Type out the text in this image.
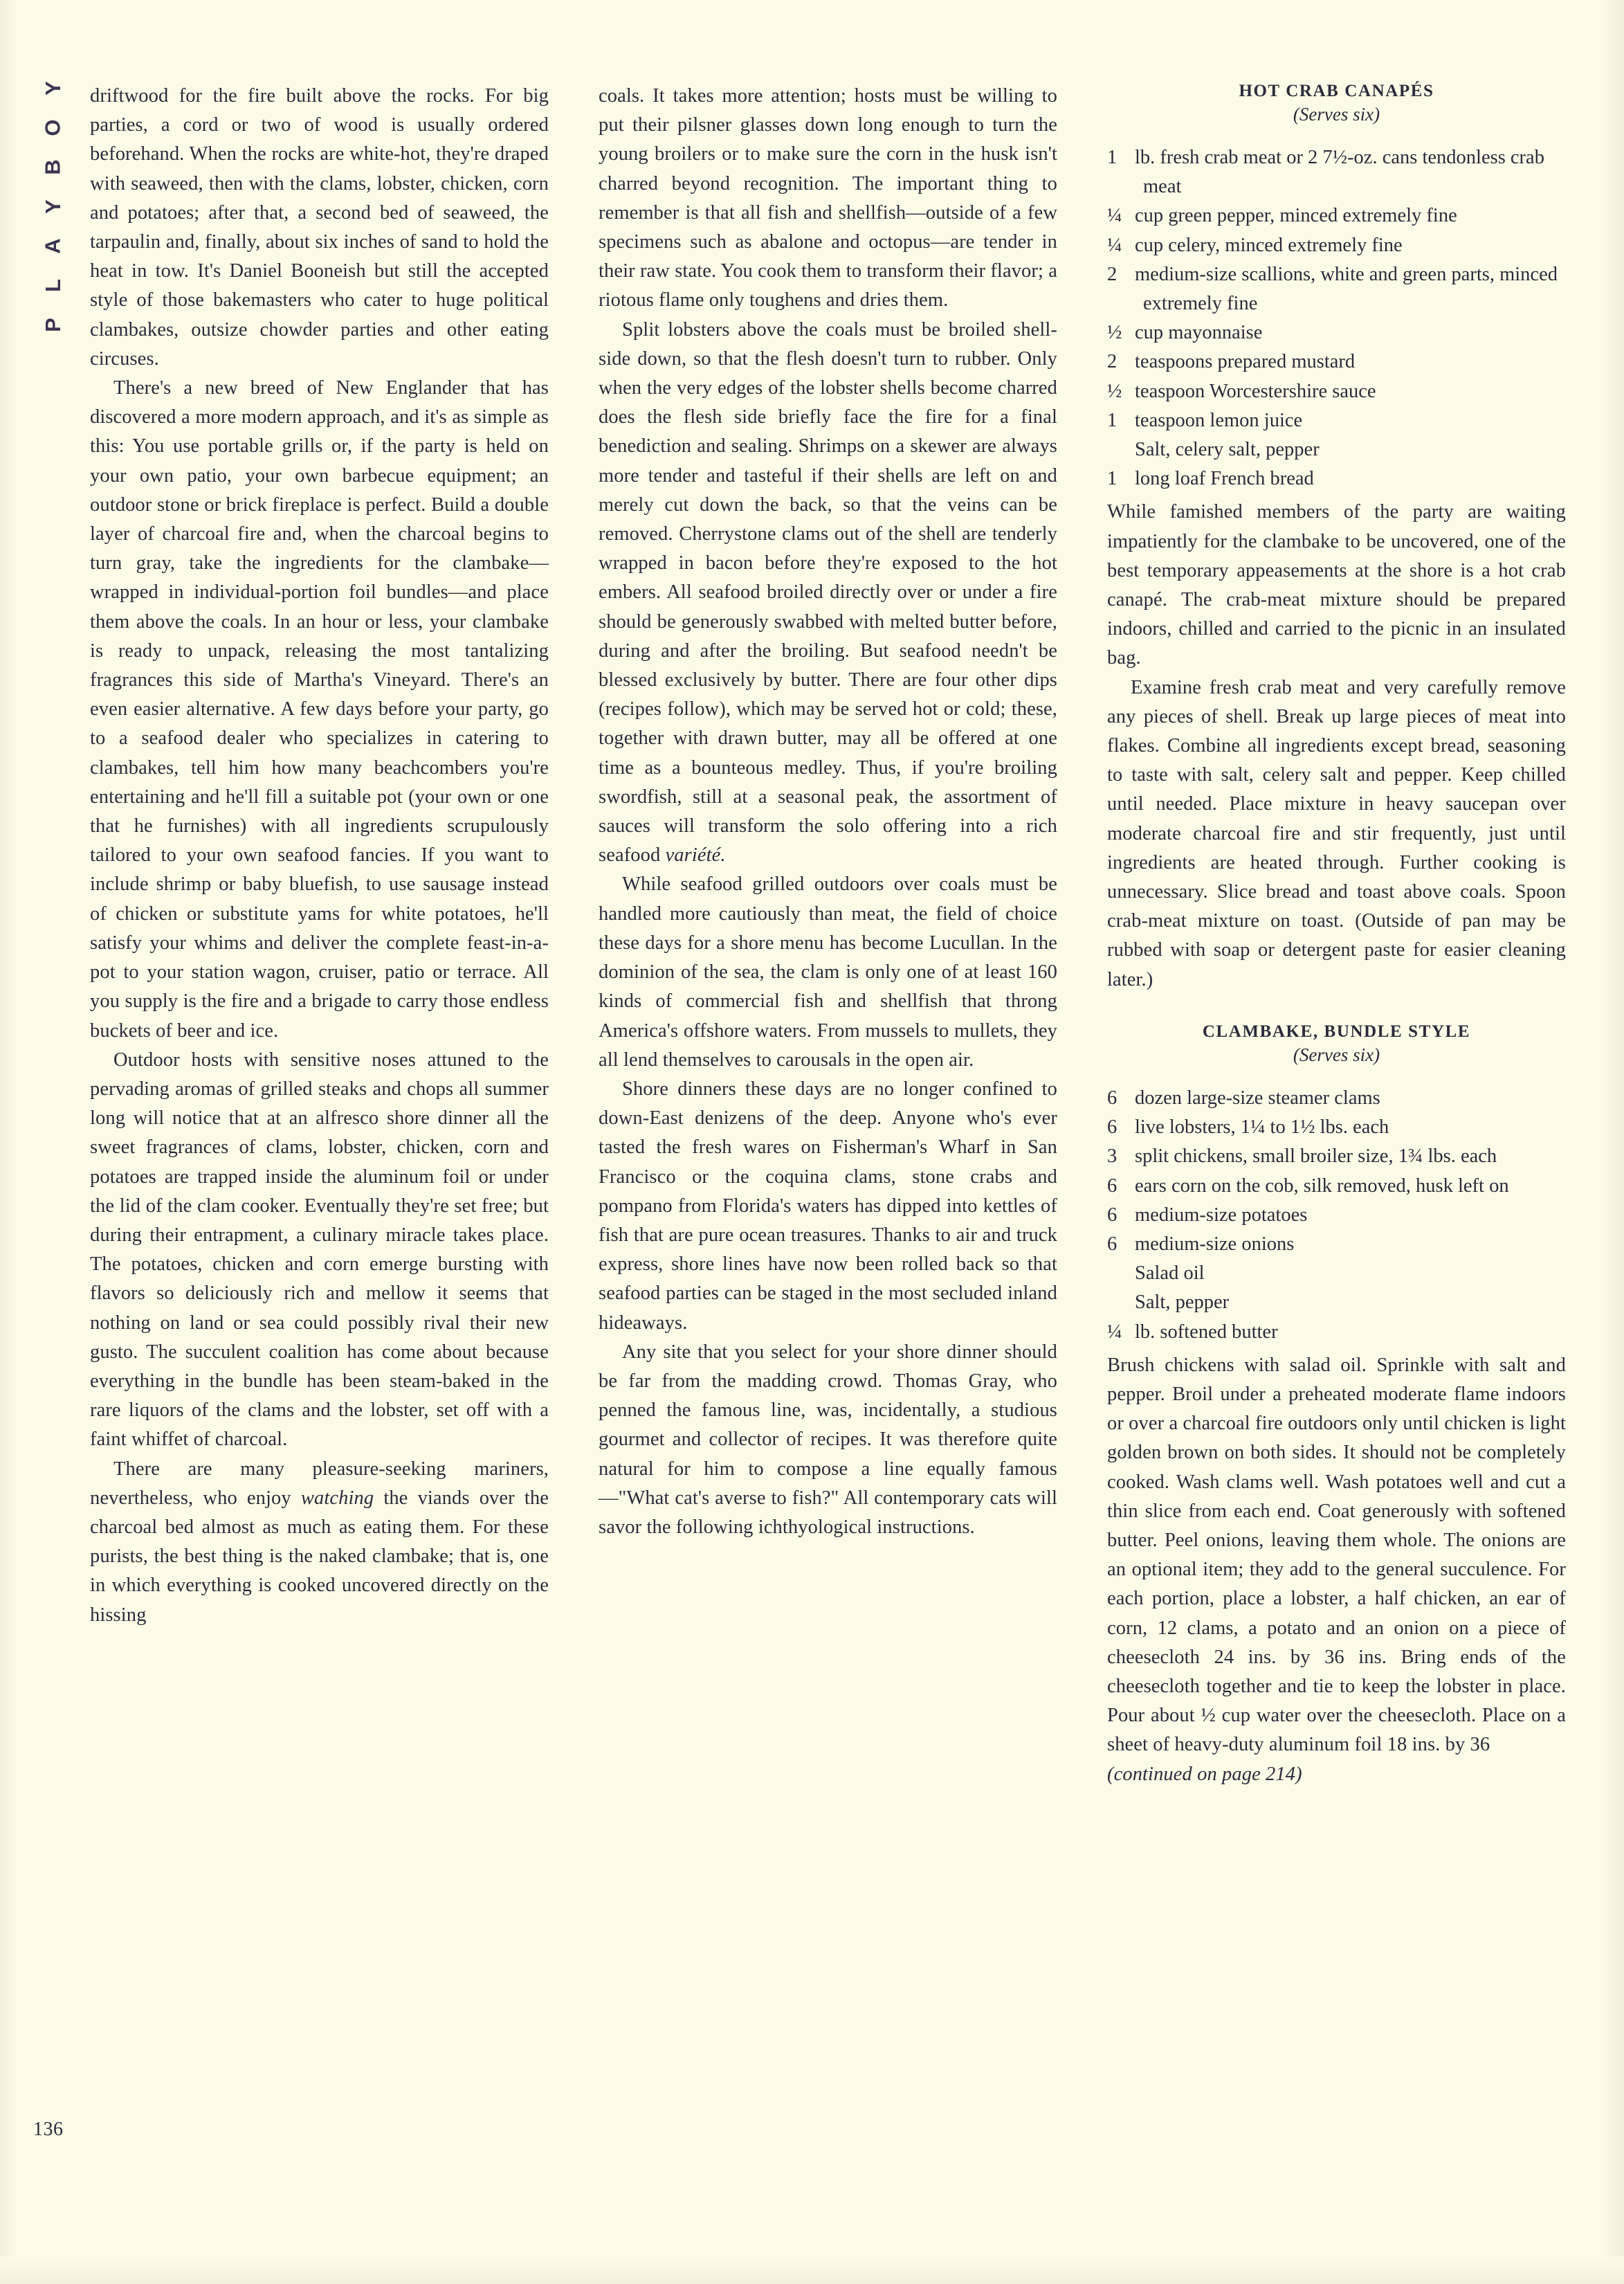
Y
O
B
Y
A
L
P

driftwood for the fire built above the rocks. For big parties, a cord or two of wood is usually ordered beforehand. When the rocks are white-hot, they're draped with seaweed, then with the clams, lobster, chicken, corn and potatoes; after that, a second bed of seaweed, the tarpaulin and, finally, about six inches of sand to hold the heat in tow. It's Daniel Booneish but still the accepted style of those bakemasters who cater to huge political clambakes, outsize chowder parties and other eating circuses.

There's a new breed of New Englander that has discovered a more modern approach, and it's as simple as this: You use portable grills or, if the party is held on your own patio, your own barbecue equipment; an outdoor stone or brick fireplace is perfect. Build a double layer of charcoal fire and, when the charcoal begins to turn gray, take the ingredients for the clambake—wrapped in individual-portion foil bundles—and place them above the coals. In an hour or less, your clambake is ready to unpack, releasing the most tantalizing fragrances this side of Martha's Vineyard. There's an even easier alternative. A few days before your party, go to a seafood dealer who specializes in catering to clambakes, tell him how many beachcombers you're entertaining and he'll fill a suitable pot (your own or one that he furnishes) with all ingredients scrupulously tailored to your own seafood fancies. If you want to include shrimp or baby bluefish, to use sausage instead of chicken or substitute yams for white potatoes, he'll satisfy your whims and deliver the complete feast-in-a-pot to your station wagon, cruiser, patio or terrace. All you supply is the fire and a brigade to carry those endless buckets of beer and ice.

Outdoor hosts with sensitive noses attuned to the pervading aromas of grilled steaks and chops all summer long will notice that at an alfresco shore dinner all the sweet fragrances of clams, lobster, chicken, corn and potatoes are trapped inside the aluminum foil or under the lid of the clam cooker. Eventually they're set free; but during their entrapment, a culinary miracle takes place. The potatoes, chicken and corn emerge bursting with flavors so deliciously rich and mellow it seems that nothing on land or sea could possibly rival their new gusto. The succulent coalition has come about because everything in the bundle has been steam-baked in the rare liquors of the clams and the lobster, set off with a faint whiffet of charcoal.

There are many pleasure-seeking mariners, nevertheless, who enjoy watching the viands over the charcoal bed almost as much as eating them. For these purists, the best thing is the naked clambake; that is, one in which everything is cooked uncovered directly on the hissing

coals. It takes more attention; hosts must be willing to put their pilsner glasses down long enough to turn the young broilers or to make sure the corn in the husk isn't charred beyond recognition. The important thing to remember is that all fish and shellfish—outside of a few specimens such as abalone and octopus—are tender in their raw state. You cook them to transform their flavor; a riotous flame only toughens and dries them.

Split lobsters above the coals must be broiled shell-side down, so that the flesh doesn't turn to rubber. Only when the very edges of the lobster shells become charred does the flesh side briefly face the fire for a final benediction and sealing. Shrimps on a skewer are always more tender and tasteful if their shells are left on and merely cut down the back, so that the veins can be removed. Cherrystone clams out of the shell are tenderly wrapped in bacon before they're exposed to the hot embers. All seafood broiled directly over or under a fire should be generously swabbed with melted butter before, during and after the broiling. But seafood needn't be blessed exclusively by butter. There are four other dips (recipes follow), which may be served hot or cold; these, together with drawn butter, may all be offered at one time as a bounteous medley. Thus, if you're broiling swordfish, still at a seasonal peak, the assortment of sauces will transform the solo offering into a rich seafood variété.

While seafood grilled outdoors over coals must be handled more cautiously than meat, the field of choice these days for a shore menu has become Lucullan. In the dominion of the sea, the clam is only one of at least 160 kinds of commercial fish and shellfish that throng America's offshore waters. From mussels to mullets, they all lend themselves to carousals in the open air.

Shore dinners these days are no longer confined to down-East denizens of the deep. Anyone who's ever tasted the fresh wares on Fisherman's Wharf in San Francisco or the coquina clams, stone crabs and pompano from Florida's waters has dipped into kettles of fish that are pure ocean treasures. Thanks to air and truck express, shore lines have now been rolled back so that seafood parties can be staged in the most secluded inland hideaways.

Any site that you select for your shore dinner should be far from the madding crowd. Thomas Gray, who penned the famous line, was, incidentally, a studious gourmet and collector of recipes. It was therefore quite natural for him to compose a line equally famous—"What cat's averse to fish?" All contemporary cats will savor the following ichthyological instructions.

HOT CRAB CANAPÉS
(Serves six)
1 lb. fresh crab meat or 2 7½-oz. cans tendonless crab meat
¼ cup green pepper, minced extremely fine
¼ cup celery, minced extremely fine
2 medium-size scallions, white and green parts, minced extremely fine
½ cup mayonnaise
2 teaspoons prepared mustard
½ teaspoon Worcestershire sauce
1 teaspoon lemon juice
Salt, celery salt, pepper
1 long loaf French bread

While famished members of the party are waiting impatiently for the clambake to be uncovered, one of the best temporary appeasements at the shore is a hot crab canapé. The crab-meat mixture should be prepared indoors, chilled and carried to the picnic in an insulated bag.

Examine fresh crab meat and very carefully remove any pieces of shell. Break up large pieces of meat into flakes. Combine all ingredients except bread, seasoning to taste with salt, celery salt and pepper. Keep chilled until needed. Place mixture in heavy saucepan over moderate charcoal fire and stir frequently, just until ingredients are heated through. Further cooking is unnecessary. Slice bread and toast above coals. Spoon crab-meat mixture on toast. (Outside of pan may be rubbed with soap or detergent paste for easier cleaning later.)

CLAMBAKE, BUNDLE STYLE
(Serves six)
6 dozen large-size steamer clams
6 live lobsters, 1¼ to 1½ lbs. each
3 split chickens, small broiler size, 1¾ lbs. each
6 ears corn on the cob, silk removed, husk left on
6 medium-size potatoes
6 medium-size onions
Salad oil
Salt, pepper
¼ lb. softened butter

Brush chickens with salad oil. Sprinkle with salt and pepper. Broil under a preheated moderate flame indoors or over a charcoal fire outdoors only until chicken is light golden brown on both sides. It should not be completely cooked. Wash clams well. Wash potatoes well and cut a thin slice from each end. Coat generously with softened butter. Peel onions, leaving them whole. The onions are an optional item; they add to the general succulence. For each portion, place a lobster, a half chicken, an ear of corn, 12 clams, a potato and an onion on a piece of cheesecloth 24 ins. by 36 ins. Bring ends of the cheesecloth together and tie to keep the lobster in place. Pour about ½ cup water over the cheesecloth. Place on a sheet of heavy-duty aluminum foil 18 ins. by 36

(continued on page 214)

136
